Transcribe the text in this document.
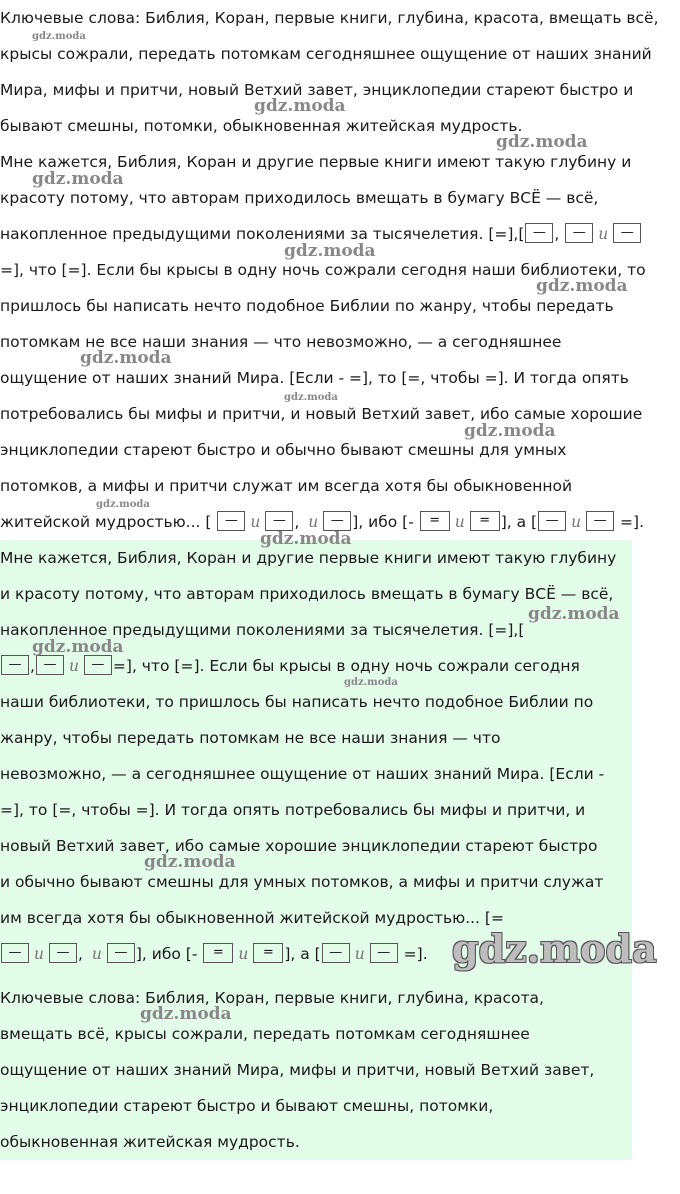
Ключевые слова: Библия, Коран, первые книги, глубина, красота, вмещать всё,
крысы сожрали, передать потомкам сегодняшнее ощущение от наших знаний
Мира, мифы и притчи, новый Ветхий завет, энциклопедии стареют быстро и
бывают смешны, потомки, обыкновенная житейская мудрость.
Мне кажется, Библия, Коран и другие первые книги имеют такую глубину и
красоту потому, что авторам приходилось вмещать в бумагу ВСЁ — всё,
накопленное предыдущими поколениями за тысячелетия. [=],[ — , — и —
=], что [=]. Если бы крысы в одну ночь сожрали сегодня наши библиотеки, то
пришлось бы написать нечто подобное Библии по жанру, чтобы передать
потомкам не все наши знания — что невозможно, — а сегодняшнее
ощущение от наших знаний Мира. [Если - =], то [=, чтобы =]. И тогда опять
потребовались бы мифы и притчи, и новый Ветхий завет, ибо самые хорошие
энциклопедии стареют быстро и обычно бывают смешны для умных
потомков, а мифы и притчи служат им всегда хотя бы обыкновенной
житейской мудростью... [ — и — , и — ], ибо [- = и = ], а [ — и — =].
Мне кажется, Библия, Коран и другие первые книги имеют такую глубину
и красоту потому, что авторам приходилось вмещать в бумагу ВСЁ — всё,
накопленное предыдущими поколениями за тысячелетия. [=],[
— , — и — =], что [=]. Если бы крысы в одну ночь сожрали сегодня
наши библиотеки, то пришлось бы написать нечто подобное Библии по
жанру, чтобы передать потомкам не все наши знания — что
невозможно, — а сегодняшнее ощущение от наших знаний Мира. [Если -
=], то [=, чтобы =]. И тогда опять потребовались бы мифы и притчи, и
новый Ветхий завет, ибо самые хорошие энциклопедии стареют быстро
и обычно бывают смешны для умных потомков, а мифы и притчи служат
им всегда хотя бы обыкновенной житейской мудростью... [=
— и — , и — ], ибо [- = и = ], а [ — и — =].
Ключевые слова: Библия, Коран, первые книги, глубина, красота,
вмещать всё, крысы сожрали, передать потомкам сегодняшнее
ощущение от наших знаний Мира, мифы и притчи, новый Ветхий завет,
энциклопедии стареют быстро и бывают смешны, потомки,
обыкновенная житейская мудрость.
gdz.moda
gdz.moda
gdz.moda
gdz.moda
gdz.moda
gdz.moda
gdz.moda
gdz.moda
gdz.moda
gdz.moda
gdz.moda
gdz.moda
gdz.moda
gdz.moda
gdz.moda
gdz.moda
gdz.moda
